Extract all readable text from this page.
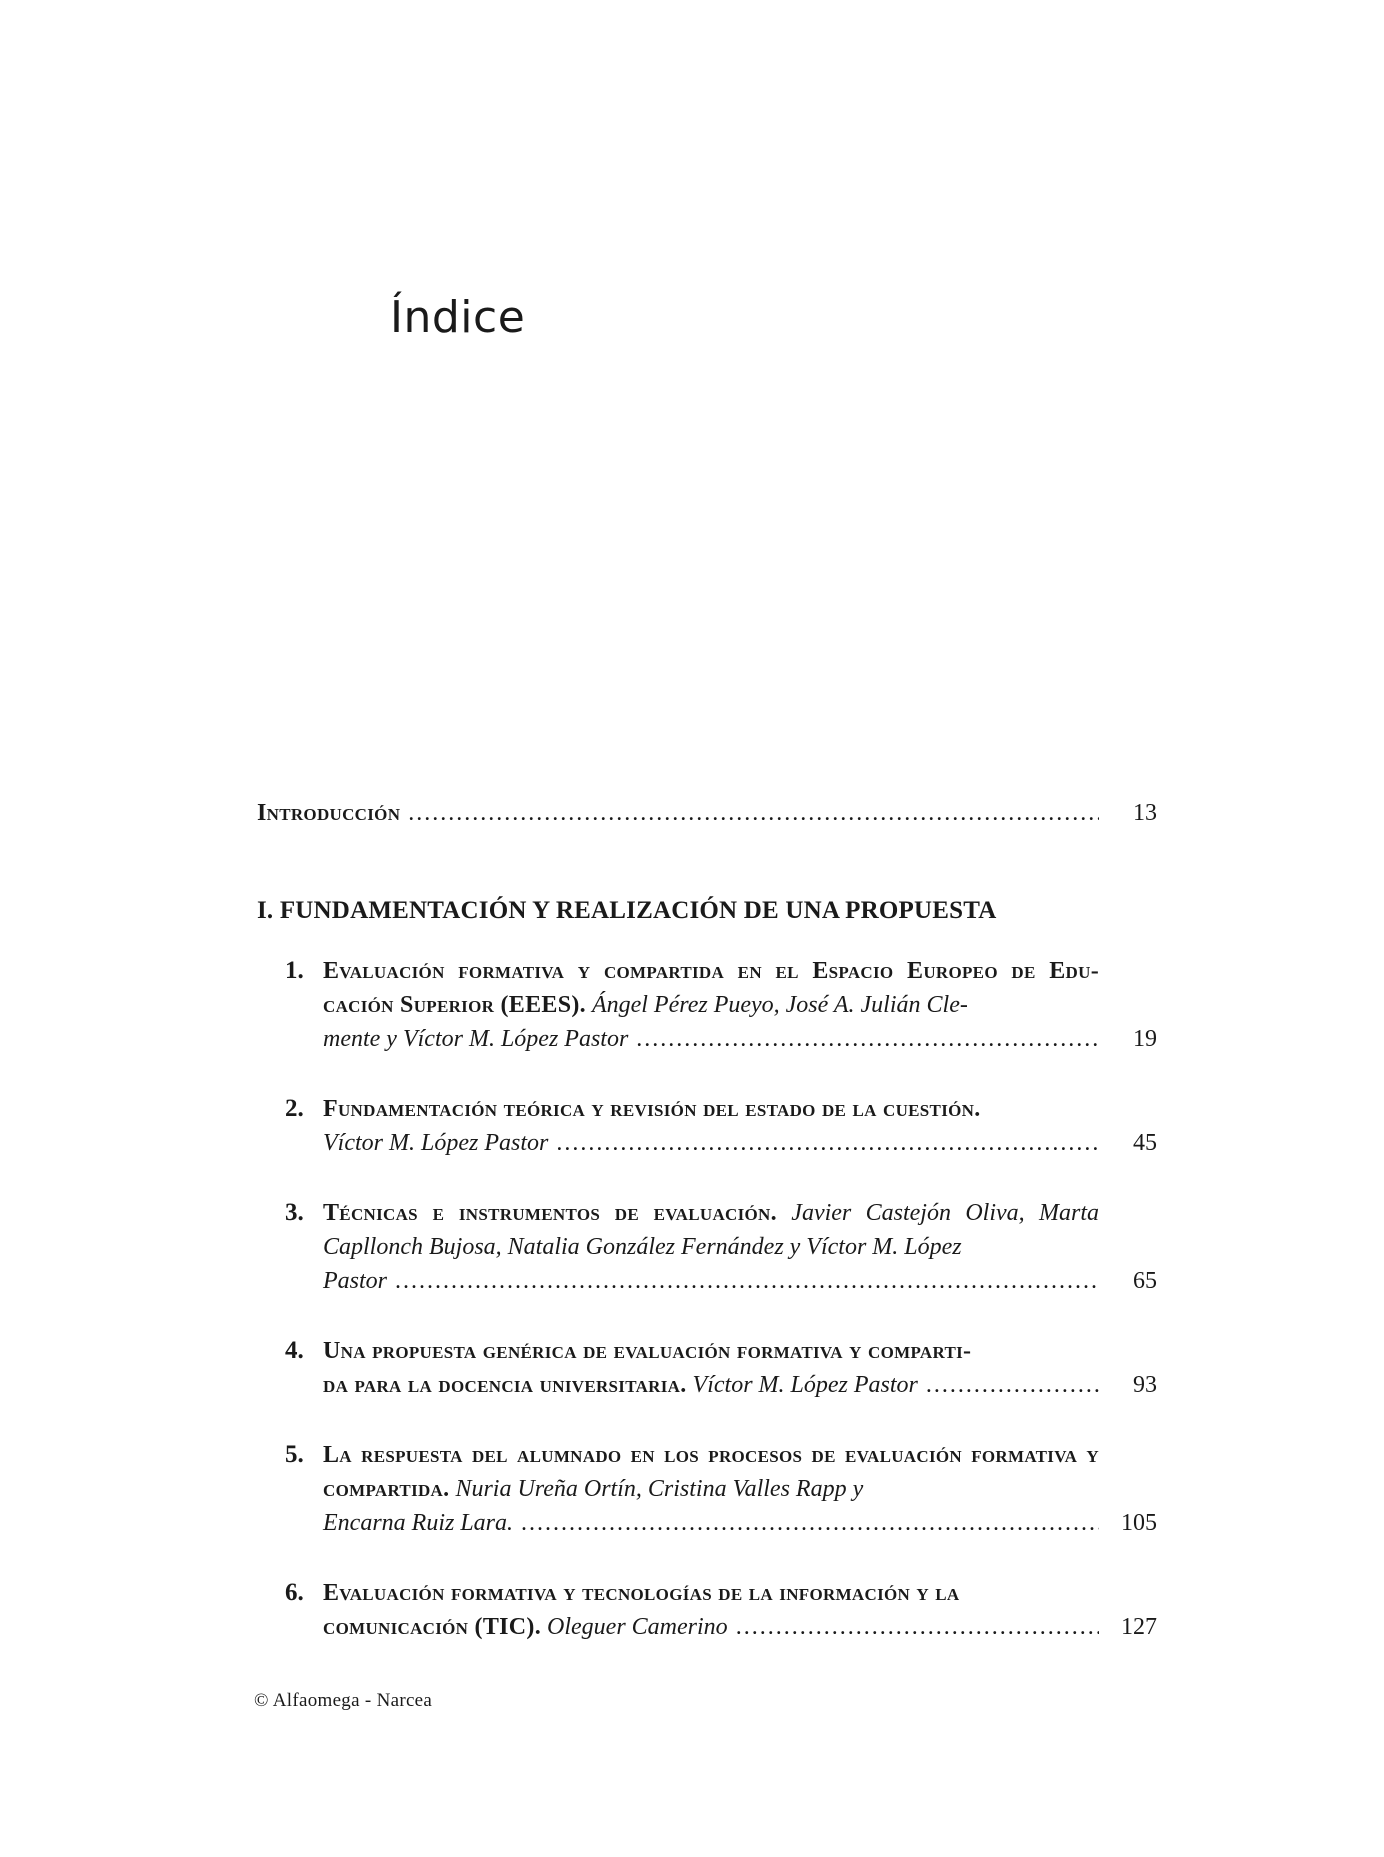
Índice
Introducción .....	13
I. FUNDAMENTACIÓN Y REALIZACIÓN DE UNA PROPUESTA
1. Evaluación formativa y compartida en el Espacio Europeo de Edu-cación Superior (EEES). Ángel Pérez Pueyo, José A. Julián Cle-
mente y Víctor M. López Pastor .....	19
2. Fundamentación teórica y revisión del estado de la cuestión.
Víctor M. López Pastor .....	45
3. Técnicas e instrumentos de evaluación. Javier Castejón Oliva, Marta Capllonch Bujosa, Natalia González Fernández y Víctor M. López
Pastor .....	65
4. Una propuesta genérica de evaluación formativa y comparti-
da para la docencia universitaria. Víctor M. López Pastor .....	93
5. La respuesta del alumnado en los procesos de evaluación formativa y compartida. Nuria Ureña Ortín, Cristina Valles Rapp y
Encarna Ruiz Lara. .....	105
6. Evaluación formativa y tecnologías de la información y la
comunicación (TIC). Oleguer Camerino .....	127
© Alfaomega - Narcea
